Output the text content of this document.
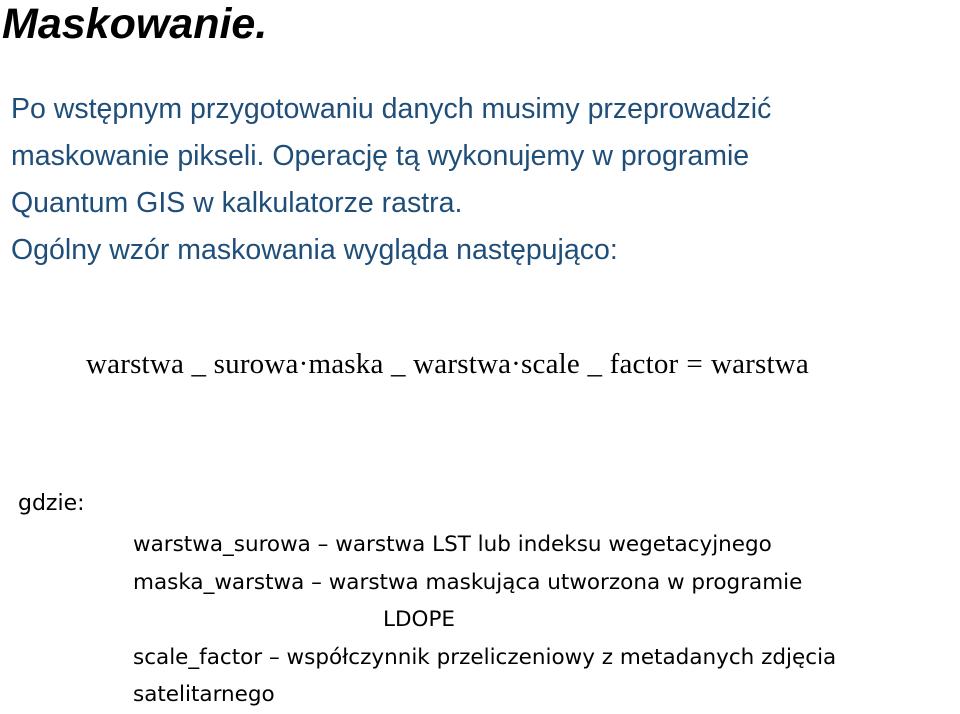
Maskowanie.
Po wstępnym przygotowaniu danych musimy przeprowadzić
maskowanie pikseli. Operację tą wykonujemy w programie
Quantum GIS w kalkulatorze rastra.
Ogólny wzór maskowania wygląda następująco:
warstwa _ surowa·maska _ warstwa·scale _ factor = warstwa
gdzie:
warstwa_surowa – warstwa LST lub indeksu wegetacyjnego
maska_warstwa – warstwa maskująca utworzona w programie
LDOPE
scale_factor – współczynnik przeliczeniowy z metadanych zdjęcia
satelitarnego
